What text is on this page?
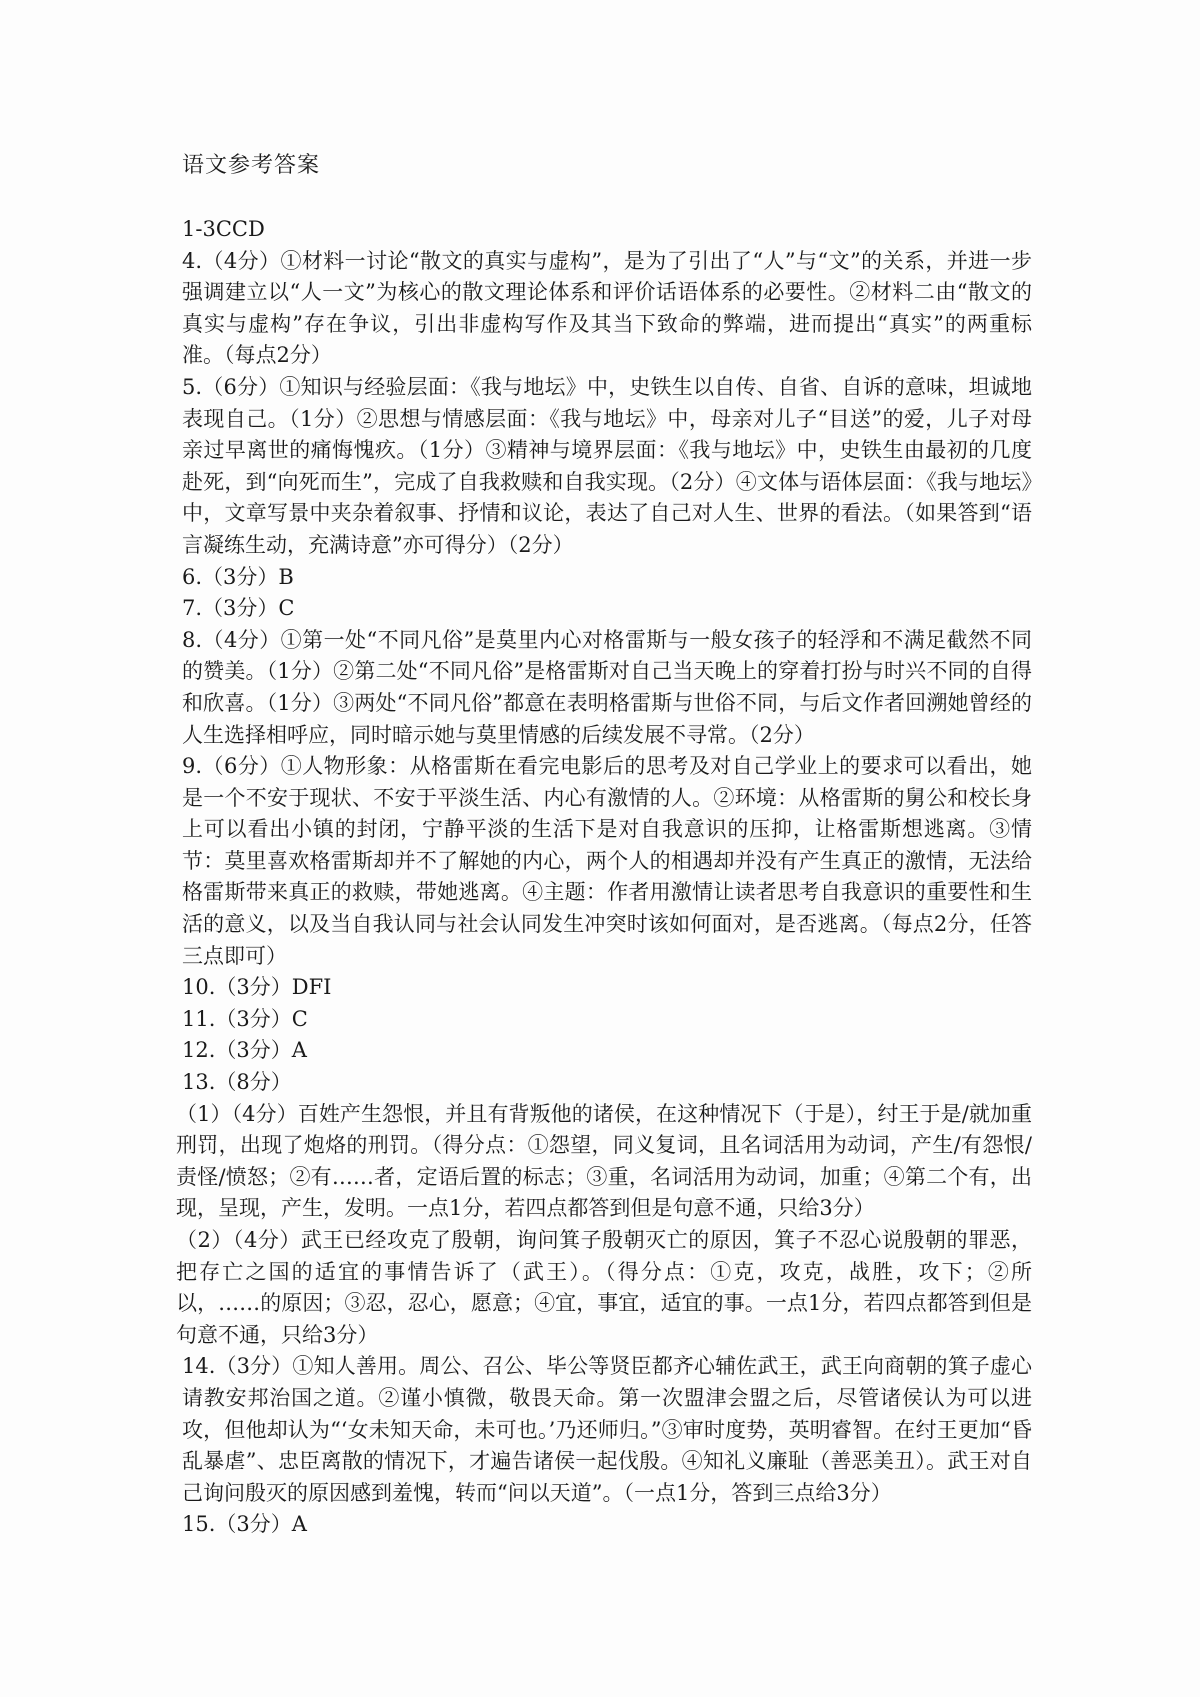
语文参考答案

1-3CCD

4.（4分）①材料一讨论“散文的真实与虚构”，是为了引出了“人”与“文”的关系，并进一步强调建立以“人一文”为核心的散文理论体系和评价话语体系的必要性。②材料二由“散文的真实与虚构”存在争议，引出非虚构写作及其当下致命的弊端，进而提出“真实”的两重标准。（每点2分）

5.（6分）①知识与经验层面：《我与地坛》中，史铁生以自传、自省、自诉的意味，坦诚地表现自己。（1分）②思想与情感层面：《我与地坛》中，母亲对儿子“目送”的爱，儿子对母亲过早离世的痛悔愧疚。（1分）③精神与境界层面：《我与地坛》中，史铁生由最初的几度赴死，到“向死而生”，完成了自我救赎和自我实现。（2分）④文体与语体层面：《我与地坛》中，文章写景中夹杂着叙事、抒情和议论，表达了自己对人生、世界的看法。（如果答到“语言凝练生动，充满诗意”亦可得分）（2分）

6.（3分）B

7.（3分）C

8.（4分）①第一处“不同凡俗”是莫里内心对格雷斯与一般女孩子的轻浮和不满足截然不同的赞美。（1分）②第二处“不同凡俗”是格雷斯对自己当天晚上的穿着打扮与时兴不同的自得和欣喜。（1分）③两处“不同凡俗”都意在表明格雷斯与世俗不同，与后文作者回溯她曾经的人生选择相呼应，同时暗示她与莫里情感的后续发展不寻常。（2分）

9.（6分）①人物形象：从格雷斯在看完电影后的思考及对自己学业上的要求可以看出，她是一个不安于现状、不安于平淡生活、内心有激情的人。②环境：从格雷斯的舅公和校长身上可以看出小镇的封闭，宁静平淡的生活下是对自我意识的压抑，让格雷斯想逃离。③情节：莫里喜欢格雷斯却并不了解她的内心，两个人的相遇却并没有产生真正的激情，无法给格雷斯带来真正的救赎，带她逃离。④主题：作者用激情让读者思考自我意识的重要性和生活的意义，以及当自我认同与社会认同发生冲突时该如何面对，是否逃离。（每点2分，任答三点即可）

10.（3分）DFI

11.（3分）C

12.（3分）A

13.（8分）

（1）（4分）百姓产生怨恨，并且有背叛他的诸侯，在这种情况下（于是），纣王于是/就加重刑罚，出现了炮烙的刑罚。（得分点：①怨望，同义复词，且名词活用为动词，产生/有怨恨/责怪/愤怒；②有……者，定语后置的标志；③重，名词活用为动词，加重；④第二个有，出现，呈现，产生，发明。一点1分，若四点都答到但是句意不通，只给3分）

（2）（4分）武王已经攻克了殷朝，询问箕子殷朝灭亡的原因，箕子不忍心说殷朝的罪恶，把存亡之国的适宜的事情告诉了（武王）。（得分点：①克，攻克，战胜，攻下；②所以，……的原因；③忍，忍心，愿意；④宜，事宜，适宜的事。一点1分，若四点都答到但是句意不通，只给3分）

14.（3分）①知人善用。周公、召公、毕公等贤臣都齐心辅佐武王，武王向商朝的箕子虚心请教安邦治国之道。②谨小慎微，敬畏天命。第一次盟津会盟之后，尽管诸侯认为可以进攻，但他却认为“‘女未知天命，未可也。’乃还师归。”③审时度势，英明睿智。在纣王更加“昏乱暴虐”、忠臣离散的情况下，才遍告诸侯一起伐殷。④知礼义廉耻（善恶美丑）。武王对自己询问殷灭的原因感到羞愧，转而“问以天道”。（一点1分，答到三点给3分）

15.（3分）A
